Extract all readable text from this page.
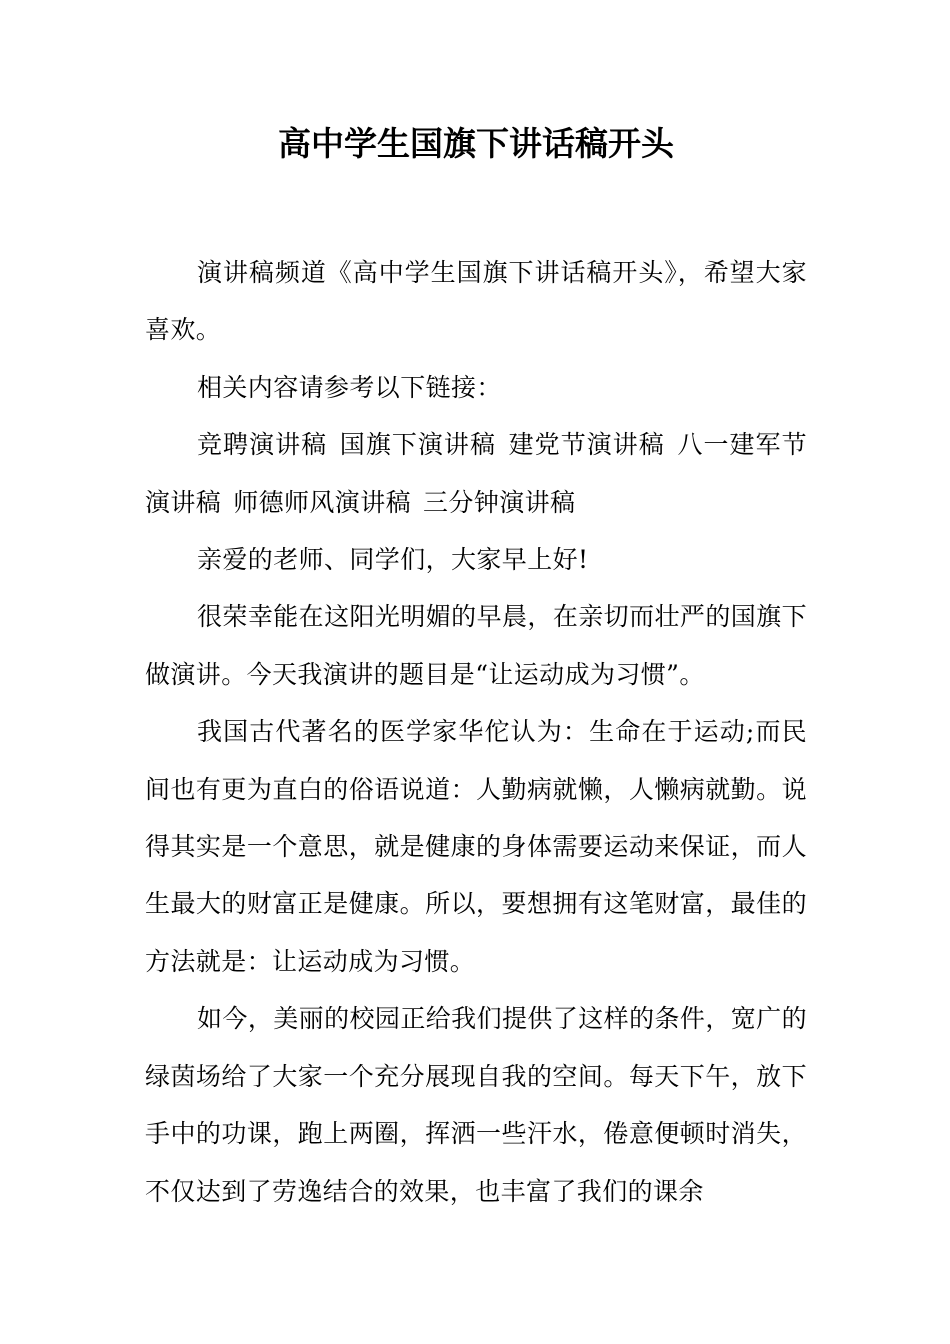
高中学生国旗下讲话稿开头

演讲稿频道《高中学生国旗下讲话稿开头》，希望大家喜欢。

相关内容请参考以下链接：

竞聘演讲稿 国旗下演讲稿 建党节演讲稿 八一建军节演讲稿 师德师风演讲稿 三分钟演讲稿

亲爱的老师、同学们，大家早上好!

很荣幸能在这阳光明媚的早晨，在亲切而壮严的国旗下做演讲。今天我演讲的题目是“让运动成为习惯”。

我国古代著名的医学家华佗认为：生命在于运动;而民间也有更为直白的俗语说道：人勤病就懒，人懒病就勤。说得其实是一个意思，就是健康的身体需要运动来保证，而人生最大的财富正是健康。所以，要想拥有这笔财富，最佳的方法就是：让运动成为习惯。

如今，美丽的校园正给我们提供了这样的条件，宽广的绿茵场给了大家一个充分展现自我的空间。每天下午，放下手中的功课，跑上两圈，挥洒一些汗水，倦意便顿时消失，不仅达到了劳逸结合的效果，也丰富了我们的课余
